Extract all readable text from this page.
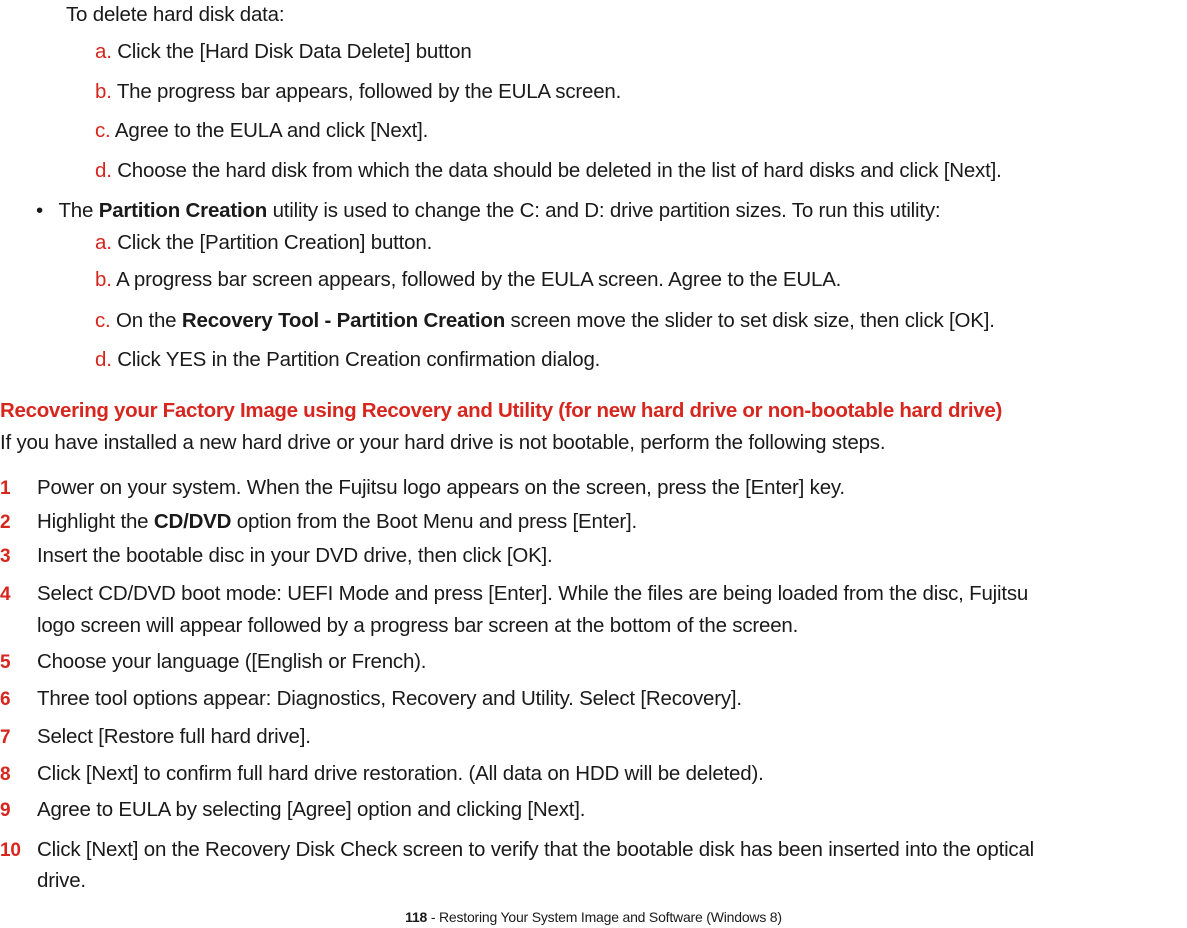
To delete hard disk data:
a. Click the [Hard Disk Data Delete] button
b. The progress bar appears, followed by the EULA screen.
c. Agree to the EULA and click [Next].
d. Choose the hard disk from which the data should be deleted in the list of hard disks and click [Next].
• The Partition Creation utility is used to change the C: and D: drive partition sizes. To run this utility:
a. Click the [Partition Creation] button.
b. A progress bar screen appears, followed by the EULA screen. Agree to the EULA.
c. On the Recovery Tool - Partition Creation screen move the slider to set disk size, then click [OK].
d. Click YES in the Partition Creation confirmation dialog.
Recovering your Factory Image using Recovery and Utility (for new hard drive or non-bootable hard drive)
If you have installed a new hard drive or your hard drive is not bootable, perform the following steps.
1 Power on your system. When the Fujitsu logo appears on the screen, press the [Enter] key.
2 Highlight the CD/DVD option from the Boot Menu and press [Enter].
3 Insert the bootable disc in your DVD drive, then click [OK].
4 Select CD/DVD boot mode: UEFI Mode and press [Enter]. While the files are being loaded from the disc, Fujitsu
logo screen will appear followed by a progress bar screen at the bottom of the screen.
5 Choose your language ([English or French).
6 Three tool options appear: Diagnostics, Recovery and Utility. Select [Recovery].
7 Select [Restore full hard drive].
8 Click [Next] to confirm full hard drive restoration. (All data on HDD will be deleted).
9 Agree to EULA by selecting [Agree] option and clicking [Next].
10 Click [Next] on the Recovery Disk Check screen to verify that the bootable disk has been inserted into the optical
drive.
118 - Restoring Your System Image and Software (Windows 8)
